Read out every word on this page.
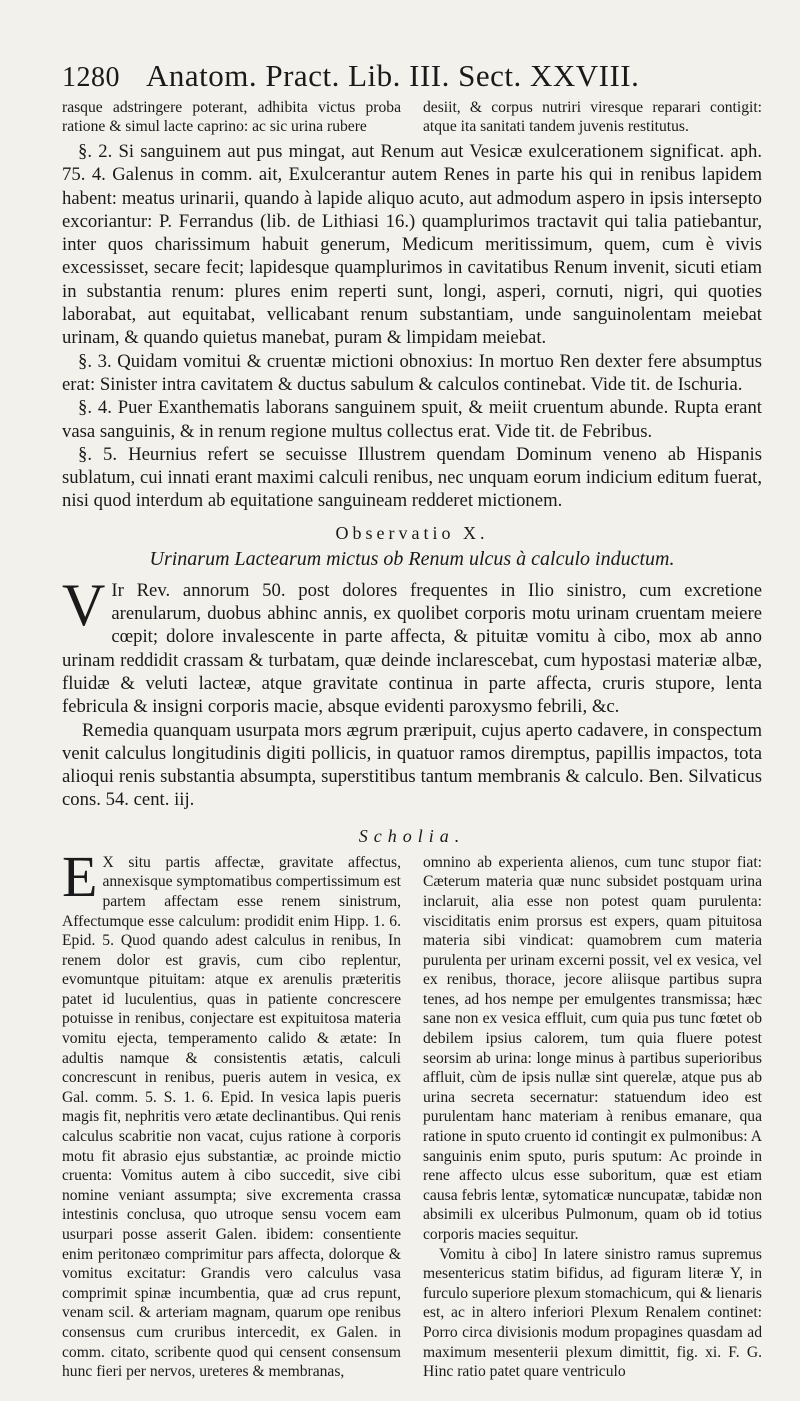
1280 Anatom. Pract. Lib. III. Sect. XXVIII.

rasque adstringere poterant, adhibita victus proba ratione & simul lacte caprino: ac sic urina rubere

desiit, & corpus nutriri viresque reparari contigit: atque ita sanitati tandem juvenis restitutus.

§. 2. Si sanguinem aut pus mingat, aut Renum aut Vesicæ exulcerationem significat. aph. 75. 4. Galenus in comm. ait, Exulcerantur autem Renes in parte his qui in renibus lapidem habent: meatus urinarii, quando à lapide aliquo acuto, aut admodum aspero in ipsis intersepto excoriantur: P. Ferrandus (lib. de Lithiasi 16.) quamplurimos tractavit qui talia patiebantur, inter quos charissimum habuit generum, Medicum meritissimum, quem, cum è vivis excessisset, secare fecit; lapidesque quamplurimos in cavitatibus Renum invenit, sicuti etiam in substantia renum: plures enim reperti sunt, longi, asperi, cornuti, nigri, qui quoties laborabat, aut equitabat, vellicabant renum substantiam, unde sanguinolentam meiebat urinam, & quando quietus manebat, puram & limpidam meiebat.

§. 3. Quidam vomitui & cruentæ mictioni obnoxius: In mortuo Ren dexter fere absumptus erat: Sinister intra cavitatem & ductus sabulum & calculos continebat. Vide tit. de Ischuria.

§. 4. Puer Exanthematis laborans sanguinem spuit, & meiit cruentum abunde. Rupta erant vasa sanguinis, & in renum regione multus collectus erat. Vide tit. de Febribus.

§. 5. Heurnius refert se secuisse Illustrem quendam Dominum veneno ab Hispanis sublatum, cui innati erant maximi calculi renibus, nec unquam eorum indicium editum fuerat, nisi quod interdum ab equitatione sanguineam redderet mictionem.

Observatio X.
Urinarum Lactearum mictus ob Renum ulcus à calculo inductum.

V Ir Rev. annorum 50. post dolores frequentes in Ilio sinistro, cum excretione arenularum, duobus abhinc annis, ex quolibet corporis motu urinam cruentam meiere cœpit; dolore invalescente in parte affecta, & pituitæ vomitu à cibo, mox ab anno urinam reddidit crassam & turbatam, quæ deinde inclarescebat, cum hypostasi materiæ albæ, fluidæ & veluti lacteæ, atque gravitate continua in parte affecta, cruris stupore, lenta febricula & insigni corporis macie, absque evidenti paroxysmo febrili, &c.

Remedia quanquam usurpata mors ægrum præripuit, cujus aperto cadavere, in conspectum venit calculus longitudinis digiti pollicis, in quatuor ramos diremptus, papillis impactos, tota alioqui renis substantia absumpta, superstitibus tantum membranis & calculo. Ben. Silvaticus cons. 54. cent. iij.

Scholia.

E X situ partis affectæ, gravitate affectus, annexisque symptomatibus compertissimum est partem affectam esse renem sinistrum, Affectumque esse calculum: prodidit enim Hipp. 1. 6. Epid. 5. Quod quando adest calculus in renibus, In renem dolor est gravis, cum cibo replentur, evomuntque pituitam: atque ex arenulis præteritis patet id luculentius, quas in patiente concrescere potuisse in renibus, conjectare est expituitosa materia vomitu ejecta, temperamento calido & ætate: In adultis namque & consistentis ætatis, calculi concrescunt in renibus, pueris autem in vesica, ex Gal. comm. 5. S. 1. 6. Epid. In vesica lapis pueris magis fit, nephritis vero ætate declinantibus. Qui renis calculus scabritie non vacat, cujus ratione à corporis motu fit abrasio ejus substantiæ, ac proinde mictio cruenta: Vomitus autem à cibo succedit, sive cibi nomine veniant assumpta; sive excrementa crassa intestinis conclusa, quo utroque sensu vocem eam usurpari posse asserit Galen. ibidem: consentiente enim peritonæo comprimitur pars affecta, dolorque & vomitus excitatur: Grandis vero calculus vasa comprimit spinæ incumbentia, quæ ad crus repunt, venam scil. & arteriam magnam, quarum ope renibus consensus cum cruribus intercedit, ex Galen. in comm. citato, scribente quod qui censent consensum hunc fieri per nervos, ureteres & membranas,

omnino ab experienta alienos, cum tunc stupor fiat: Cæterum materia quæ nunc subsidet postquam urina inclaruit, alia esse non potest quam purulenta: visciditatis enim prorsus est expers, quam pituitosa materia sibi vindicat: quamobrem cum materia purulenta per urinam excerni possit, vel ex vesica, vel ex renibus, thorace, jecore aliisque partibus supra tenes, ad hos nempe per emulgentes transmissa; hæc sane non ex vesica effluit, cum quia pus tunc fœtet ob debilem ipsius calorem, tum quia fluere potest seorsim ab urina: longe minus à partibus superioribus affluit, cùm de ipsis nullæ sint querelæ, atque pus ab urina secreta secernatur: statuendum ideo est purulentam hanc materiam à renibus emanare, qua ratione in sputo cruento id contingit ex pulmonibus: A sanguinis enim sputo, puris sputum: Ac proinde in rene affecto ulcus esse suboritum, quæ est etiam causa febris lentæ, sytomaticæ nuncupatæ, tabidæ non absimili ex ulceribus Pulmonum, quam ob id totius corporis macies sequitur.

Vomitu à cibo] In latere sinistro ramus supremus mesentericus statim bifidus, ad figuram literæ Y, in furculo superiore plexum stomachicum, qui & lienaris est, ac in altero inferiori Plexum Renalem continet: Porro circa divisionis modum propagines quasdam ad maximum mesenterii plexum dimittit, fig. xi. F. G. Hinc ratio patet quare ventriculo
